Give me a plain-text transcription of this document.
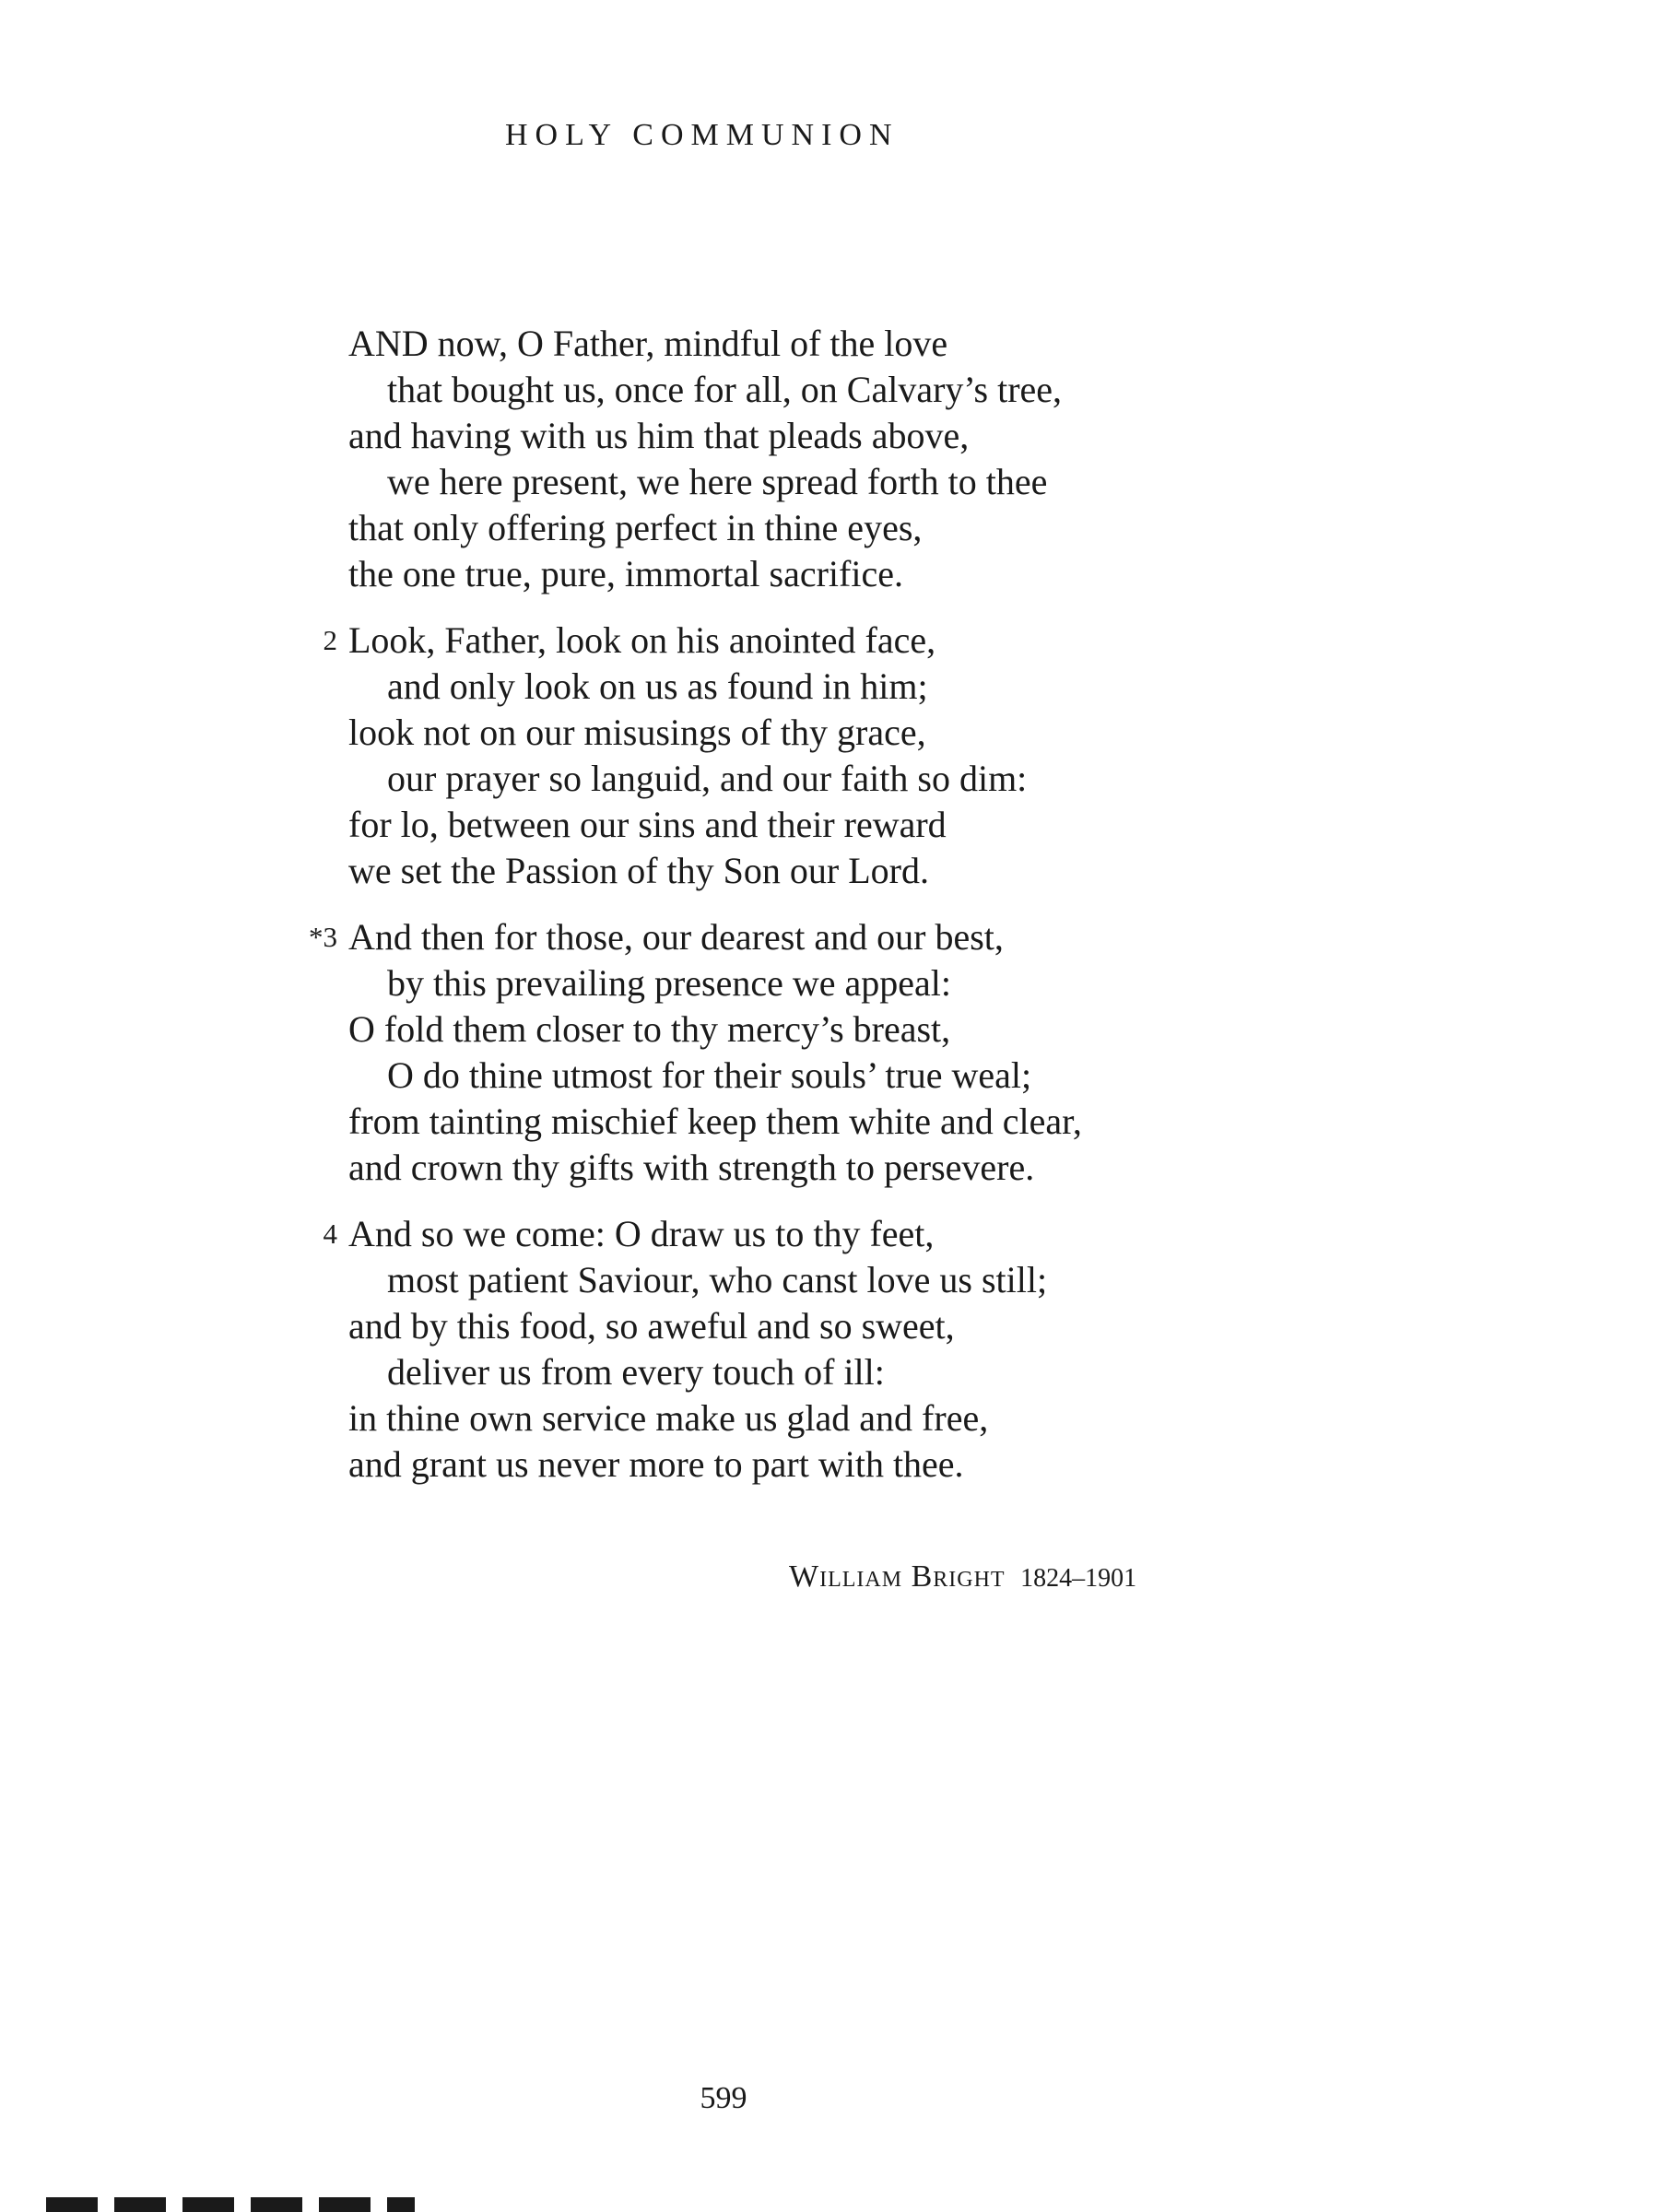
HOLY COMMUNION
AND now, O Father, mindful of the love
that bought us, once for all, on Calvary’s tree,
and having with us him that pleads above,
we here present, we here spread forth to thee
that only offering perfect in thine eyes,
the one true, pure, immortal sacrifice.
2 Look, Father, look on his anointed face,
and only look on us as found in him;
look not on our misusings of thy grace,
our prayer so languid, and our faith so dim:
for lo, between our sins and their reward
we set the Passion of thy Son our Lord.
*3 And then for those, our dearest and our best,
by this prevailing presence we appeal:
O fold them closer to thy mercy’s breast,
O do thine utmost for their souls’ true weal;
from tainting mischief keep them white and clear,
and crown thy gifts with strength to persevere.
4 And so we come: O draw us to thy feet,
most patient Saviour, who canst love us still;
and by this food, so aweful and so sweet,
deliver us from every touch of ill:
in thine own service make us glad and free,
and grant us never more to part with thee.
William Bright 1824–1901
599
